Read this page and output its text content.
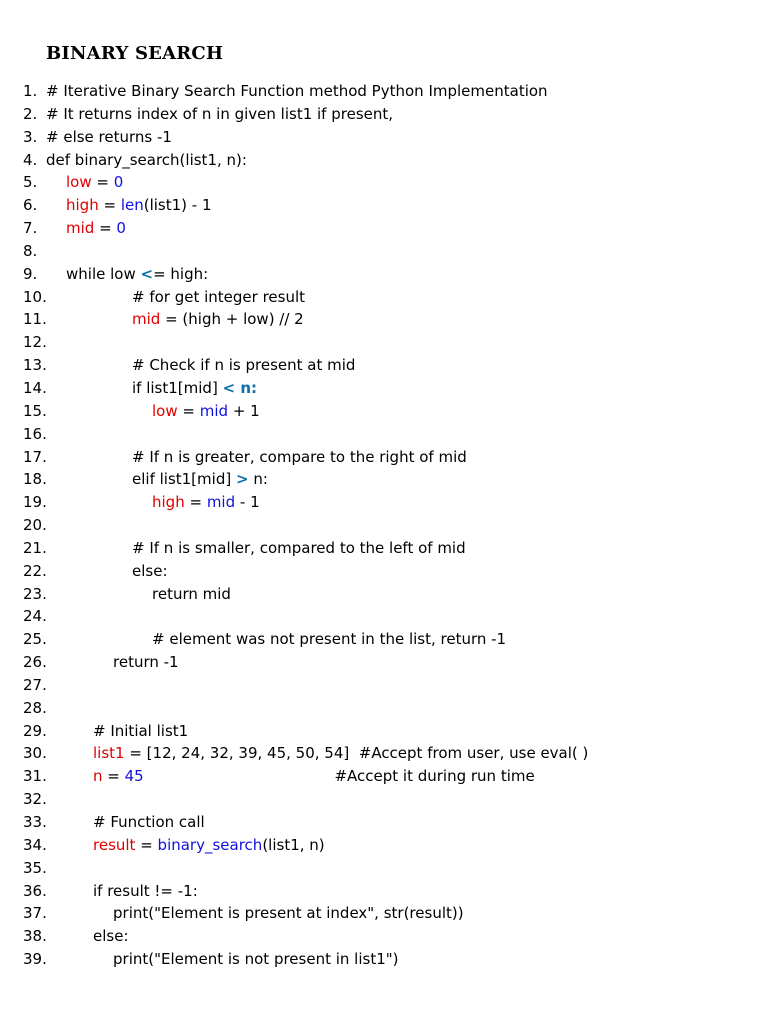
BINARY SEARCH
1. # Iterative Binary Search Function method Python Implementation
2. # It returns index of n in given list1 if present,
3. # else returns -1
4. def binary_search(list1, n):
5. low = 0
6. high = len(list1) - 1
7. mid = 0
8.
9. while low <= high:
10.	# for get integer result
11.	mid = (high + low) // 2
12.
13.	# Check if n is present at mid
14.	if list1[mid] < n:
15.	low = mid + 1
16.
17.	# If n is greater, compare to the right of mid
18.	elif list1[mid] > n:
19.	high = mid - 1
20.
21.	# If n is smaller, compared to the left of mid
22.	else:
23.	return mid
24.
25.	# element was not present in the list, return -1
26.	return -1
27.
28.
29.	# Initial list1
30.	list1 = [12, 24, 32, 39, 45, 50, 54]  #Accept from user, use eval( )
31.	n = 45                                        #Accept it during run time
32.
33.	# Function call
34.	result = binary_search(list1, n)
35.
36.	if result != -1:
37.	print("Element is present at index", str(result))
38.	else:
39.	print("Element is not present in list1")
